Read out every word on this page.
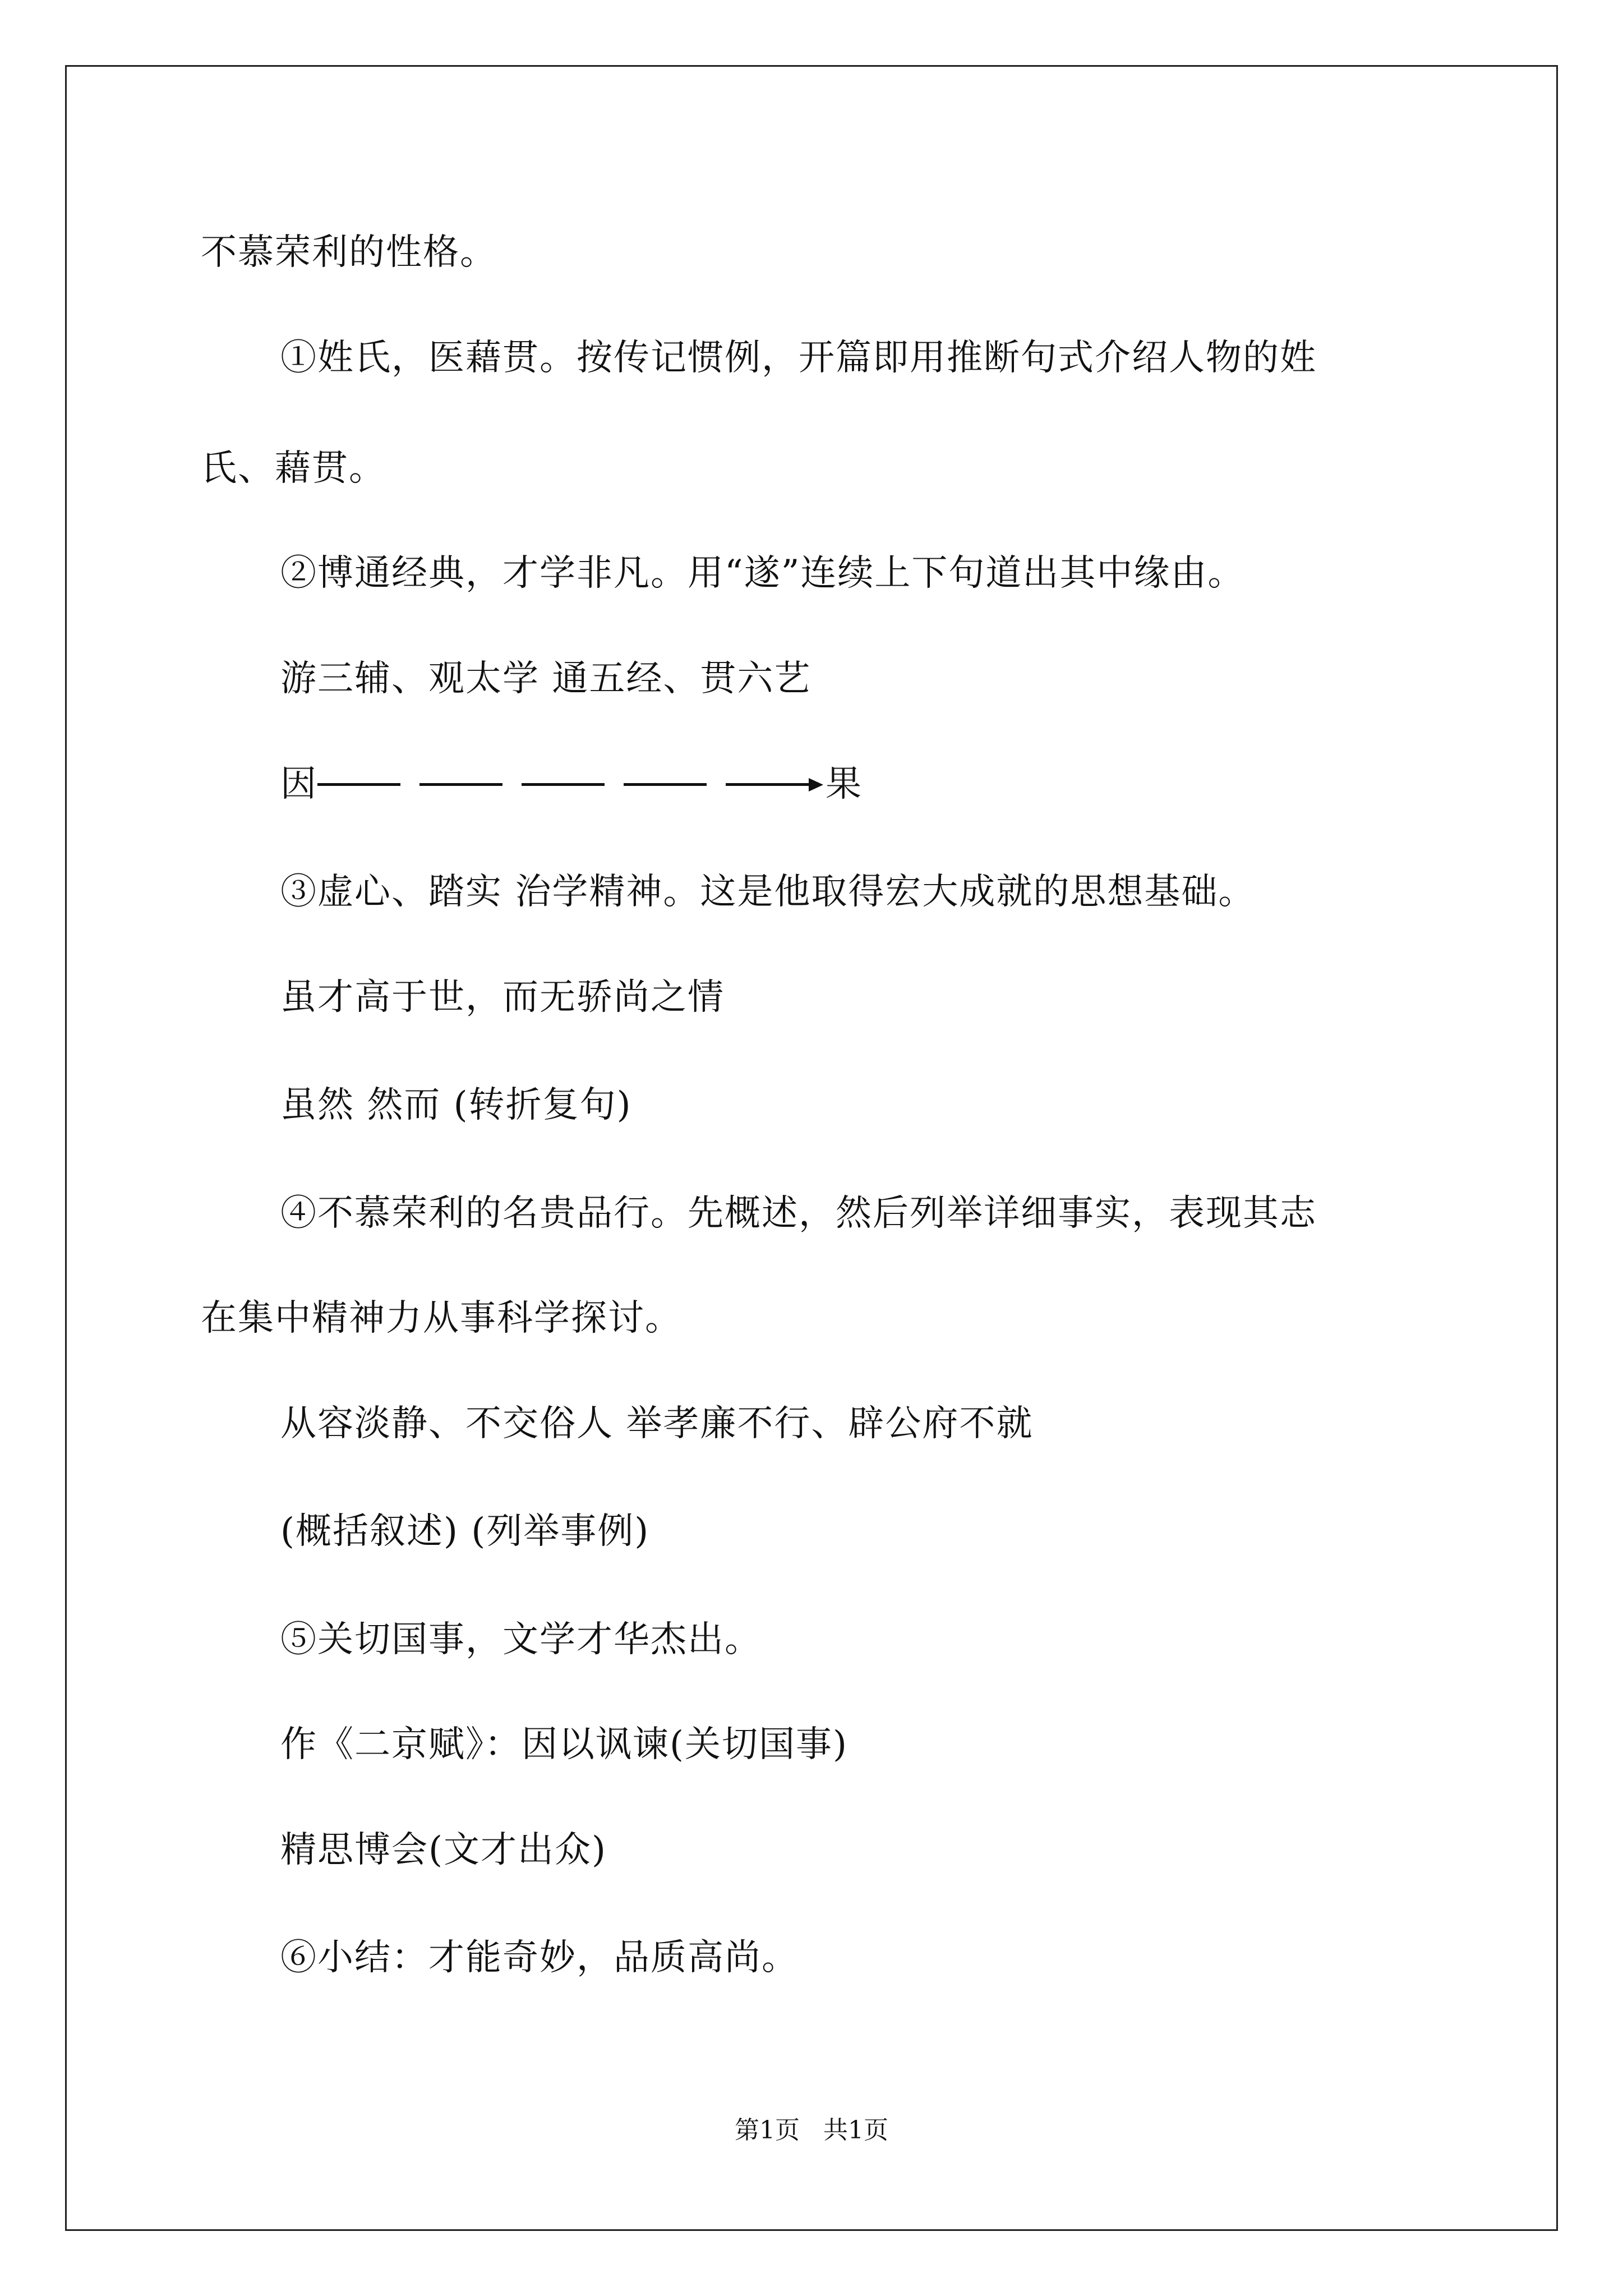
不慕荣利的性格。
①姓氏，医藉贯。按传记惯例，开篇即用推断句式介绍人物的姓
氏、藉贯。
②博通经典，才学非凡。用“遂”连续上下句道出其中缘由。
游三辅、观太学 通五经、贯六艺
因	果
③虚心、踏实 治学精神。这是他取得宏大成就的思想基础。
虽才高于世，而无骄尚之情
虽然 然而 (转折复句)
④不慕荣利的名贵品行。先概述，然后列举详细事实，表现其志
在集中精神力从事科学探讨。
从容淡静、不交俗人 举孝廉不行、辟公府不就
(概括叙述) (列举事例)
⑤关切国事，文学才华杰出。
作《二京赋》：因以讽谏(关切国事)
精思博会(文才出众)
⑥小结：才能奇妙，品质高尚。
第1页 共1页
